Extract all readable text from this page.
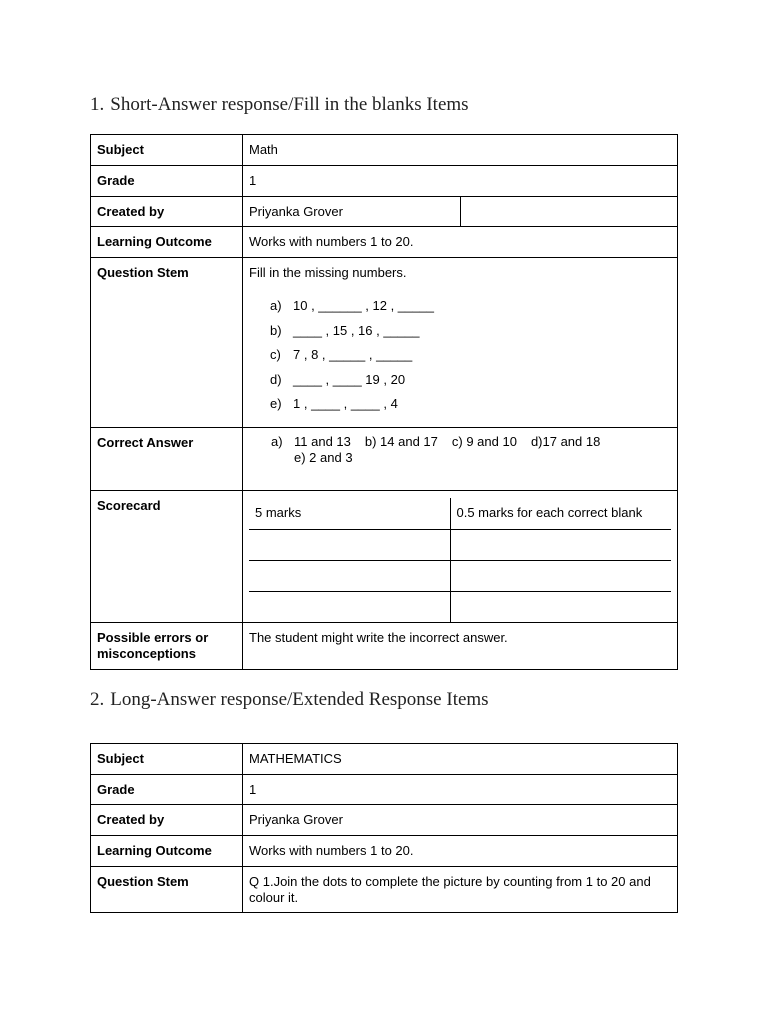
1. Short-Answer response/Fill in the blanks Items
Subject	Math
Grade	1
Created by	Priyanka Grover	
Learning Outcome	Works with numbers 1 to 20.
Question Stem	Fill in the missing numbers.
a) 10 , ______ , 12 , _____
b) ____ , 15 , 16 , _____
c) 7 , 8 , _____ , _____
d) ____ , ____ 19 , 20
e) 1 , ____ , ____ , 4

Correct Answer	a) 11 and 13 b) 14 and 17 c) 9 and 10 d)17 and 18
e) 2 and 3

Scorecard		5 marks	0.5 marks for each correct blank

Possible errors or misconceptions	The student might write the incorrect answer.
2. Long-Answer response/Extended Response Items
Subject	MATHEMATICS
Grade	1
Created by	Priyanka Grover
Learning Outcome	Works with numbers 1 to 20.
Question Stem	Q 1.Join the dots to complete the picture by counting from 1 to 20 and colour it.
